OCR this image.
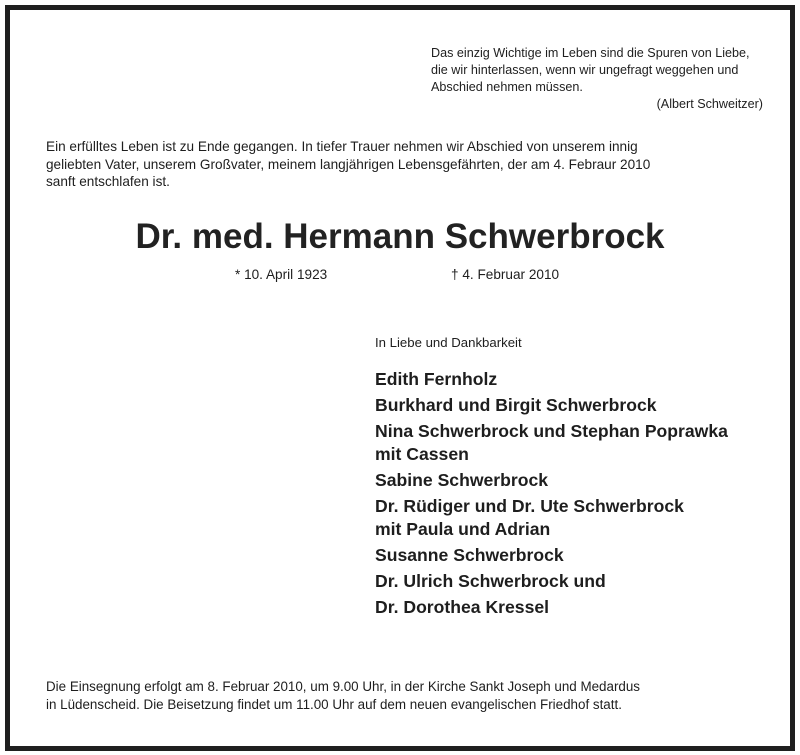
Das einzig Wichtige im Leben sind die Spuren von Liebe,
die wir hinterlassen, wenn wir ungefragt weggehen und
Abschied nehmen müssen.
(Albert Schweitzer)
Ein erfülltes Leben ist zu Ende gegangen. In tiefer Trauer nehmen wir Abschied von unserem innig
geliebten Vater, unserem Großvater, meinem langjährigen Lebensgefährten, der am 4. Febraur 2010
sanft entschlafen ist.
Dr. med. Hermann Schwerbrock
* 10. April 1923	† 4. Februar 2010
In Liebe und Dankbarkeit
Edith Fernholz
Burkhard und Birgit Schwerbrock
Nina Schwerbrock und Stephan Poprawka
mit Cassen
Sabine Schwerbrock
Dr. Rüdiger und Dr. Ute Schwerbrock
mit Paula und Adrian
Susanne Schwerbrock
Dr. Ulrich Schwerbrock und
Dr. Dorothea Kressel
Die Einsegnung erfolgt am 8. Februar 2010, um 9.00 Uhr, in der Kirche Sankt Joseph und Medardus
in Lüdenscheid. Die Beisetzung findet um 11.00 Uhr auf dem neuen evangelischen Friedhof statt.
